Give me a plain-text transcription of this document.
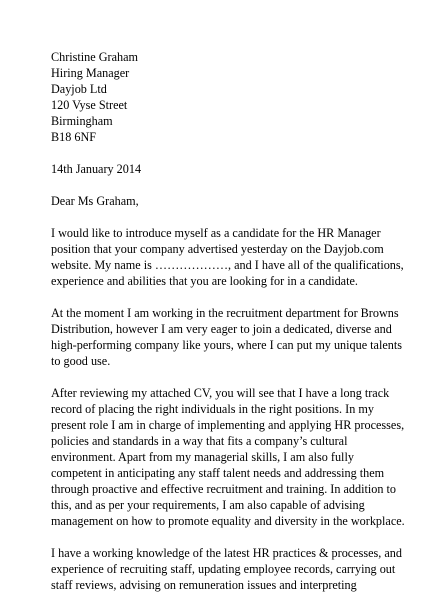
Christine Graham
Hiring Manager
Dayjob Ltd
120 Vyse Street
Birmingham
B18 6NF
14th January 2014
Dear Ms Graham,
I would like to introduce myself as a candidate for the HR Manager
position that your company advertised yesterday on the Dayjob.com
website. My name is ………………, and I have all of the qualifications,
experience and abilities that you are looking for in a candidate.
At the moment I am working in the recruitment department for Browns
Distribution, however I am very eager to join a dedicated, diverse and
high-performing company like yours, where I can put my unique talents
to good use.
After reviewing my attached CV, you will see that I have a long track
record of placing the right individuals in the right positions. In my
present role I am in charge of implementing and applying HR processes,
policies and standards in a way that fits a company’s cultural
environment. Apart from my managerial skills, I am also fully
competent in anticipating any staff talent needs and addressing them
through proactive and effective recruitment and training. In addition to
this, and as per your requirements, I am also capable of advising
management on how to promote equality and diversity in the workplace.
I have a working knowledge of the latest HR practices & processes, and
experience of recruiting staff, updating employee records, carrying out
staff reviews, advising on remuneration issues and interpreting
